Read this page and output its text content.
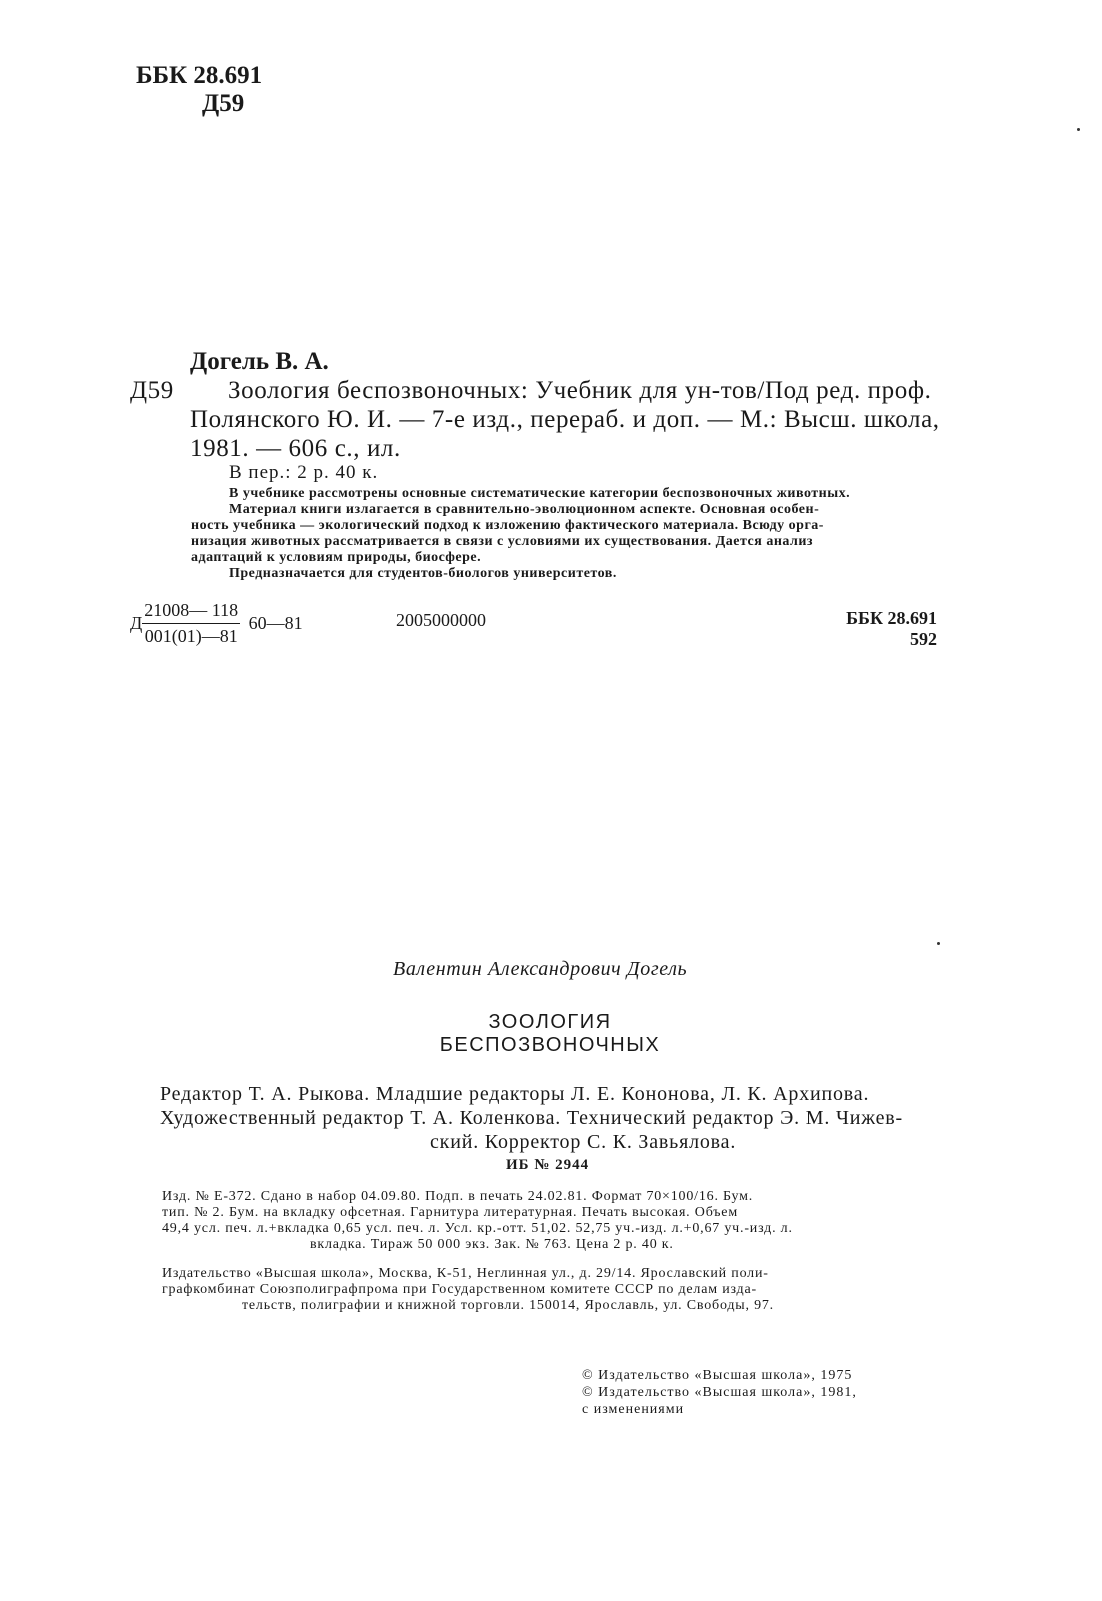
ББК 28.691
Д59
Догель В. А.
Д59 Зоология беспозвоночных: Учебник для ун-тов/Под ред. проф.
Полянского Ю. И. — 7-е изд., перераб. и доп. — М.: Высш. школа,
1981. — 606 с., ил.
В пер.: 2 р. 40 к.
В учебнике рассмотрены основные систематические категории беспозвоночных животных.
Материал книги излагается в сравнительно-эволюционном аспекте. Основная особен-
ность учебника — экологический подход к изложению фактического материала. Всюду орга-
низация животных рассматривается в связи с условиями их существования. Дается анализ
адаптаций к условиям природы, биосфере.
Предназначается для студентов-биологов университетов.
Д $\frac{21008— 118}{001(01)—81}$ 60—81	2005000000	ББК 28.691
592
Валентин Александрович Догель
ЗООЛОГИЯ
БЕСПОЗВОНОЧНЫХ
Редактор Т. А. Рыкова. Младшие редакторы Л. Е. Кононова, Л. К. Архипова.
Художественный редактор Т. А. Коленкова. Технический редактор Э. М. Чижев-
ский. Корректор С. К. Завьялова.
ИБ № 2944
Изд. № Е-372. Сдано в набор 04.09.80. Подп. в печать 24.02.81. Формат 70×100/16. Бум.
тип. № 2. Бум. на вкладку офсетная. Гарнитура литературная. Печать высокая. Объем
49,4 усл. печ. л.+вкладка 0,65 усл. печ. л. Усл. кр.-отт. 51,02. 52,75 уч.-изд. л.+0,67 уч.-изд. л.
вкладка. Тираж 50 000 экз. Зак. № 763. Цена 2 р. 40 к.
Издательство «Высшая школа», Москва, К-51, Неглинная ул., д. 29/14. Ярославский поли-
графкомбинат Союзполиграфпрома при Государственном комитете СССР по делам изда-
тельств, полиграфии и книжной торговли. 150014, Ярославль, ул. Свободы, 97.
© Издательство «Высшая школа», 1975
© Издательство «Высшая школа», 1981,
с изменениями
